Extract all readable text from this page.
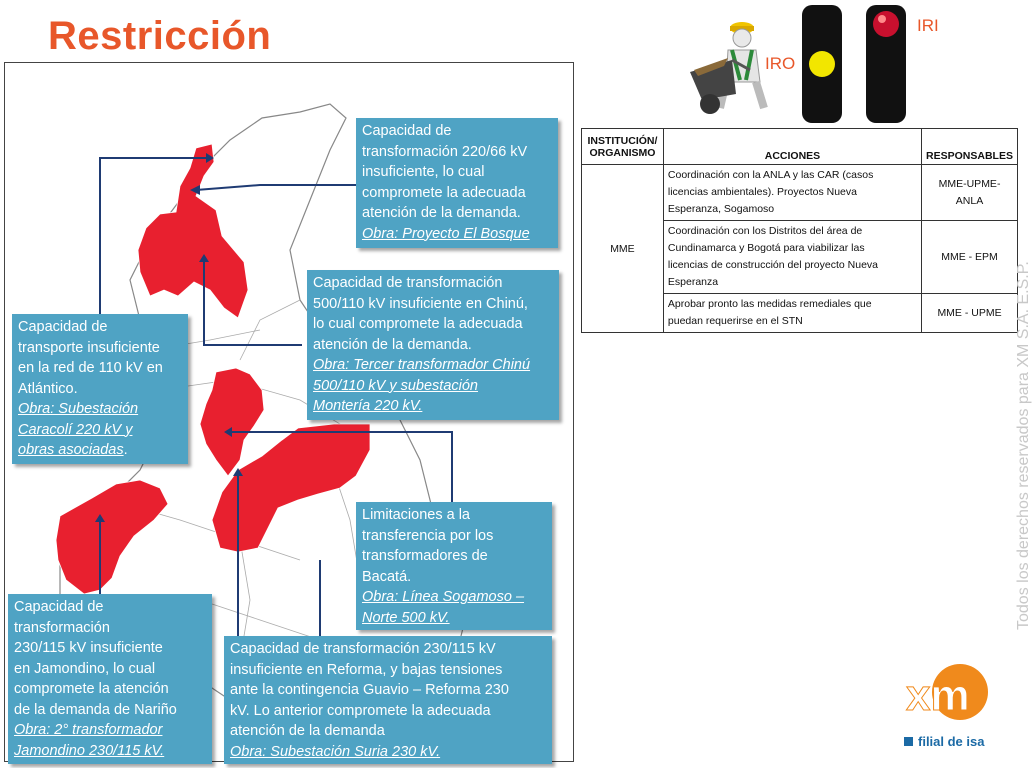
Restricción	IRI
IRO
Capacidad de
transformación 220/66 kV
insuficiente, lo cual
compromete la adecuada
atención de la demanda.
Obra: Proyecto El Bosque
Capacidad de transformación
500/110 kV insuficiente en Chinú,
lo cual compromete la adecuada
atención de la demanda.
Obra: Tercer transformador Chinú
500/110 kV y subestación
Montería 220 kV.
Capacidad de
transporte insuficiente
en la red de 110 kV en
Atlántico.
Obra: Subestación
Caracolí 220 kV y
obras asociadas.
Limitaciones a la
transferencia por los
transformadores de
Bacatá.
Obra: Línea Sogamoso –
Norte 500 kV.
Capacidad de
transformación
230/115 kV insuficiente
en Jamondino, lo cual
compromete la atención
de la demanda de Nariño
Obra: 2° transformador
Jamondino 230/115 kV.
Capacidad de transformación 230/115 kV
insuficiente en Reforma, y bajas tensiones
ante la contingencia Guavio – Reforma 230
kV. Lo anterior compromete la adecuada
atención de la demanda
Obra: Subestación Suria 230 kV.
INSTITUCIÓN/
ORGANISMO	ACCIONES	RESPONSABLES
MME	Coordinación con la ANLA y las CAR (casos
licencias ambientales). Proyectos Nueva
Esperanza, Sogamoso	MME-UPME-
ANLA
	Coordinación con los Distritos del área de
Cundinamarca y Bogotá para viabilizar las
licencias de construcción del proyecto Nueva
Esperanza	MME - EPM
	Aprobar pronto las medidas remediales que
puedan requerirse en el STN	MME - UPME Todos los derechos reservados para XM S.A. E.S.P.
xm
filial de isa
